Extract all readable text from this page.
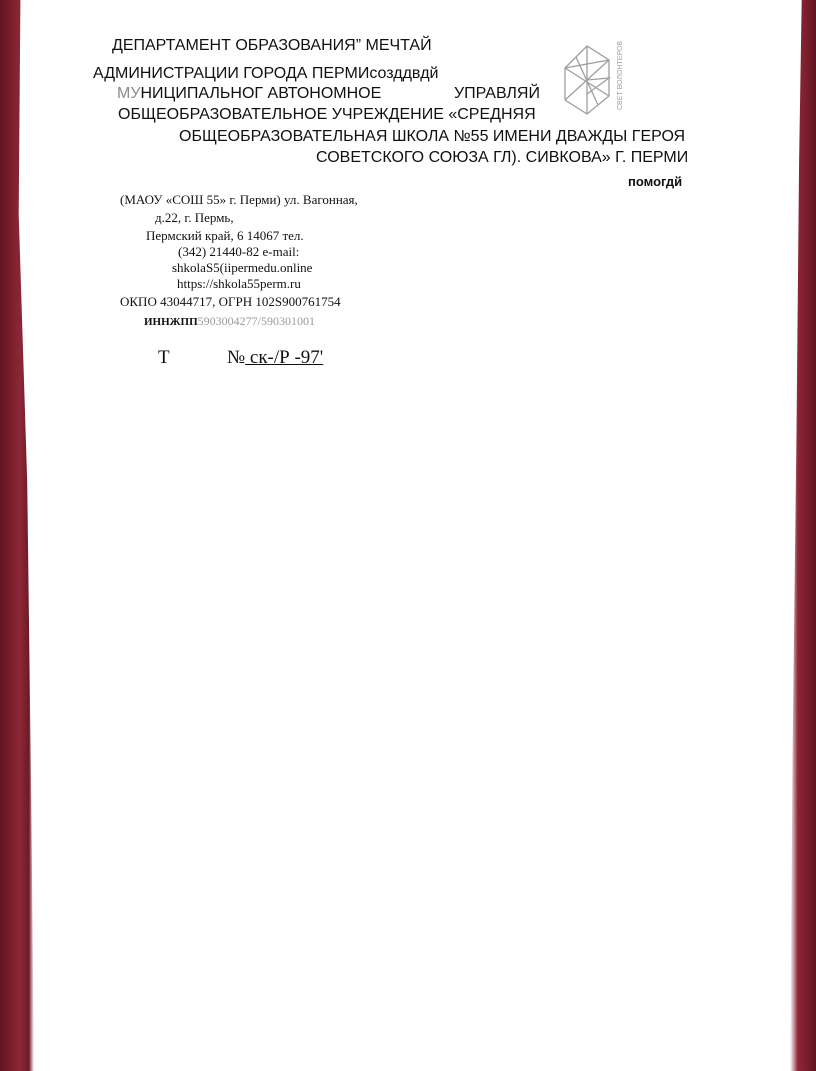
ДЕПАРТАМЕНТ ОБРАЗОВАНИЯ” МЕЧТАЙ
АДМИНИСТРАЦИИ ГОРОДА ПЕРМИсозддвдй
МУНИЦИПАЛЬНОГ АВТОНОМНОЕ	УПРАВЛЯЙ
ОБЩЕОБРАЗОВАТЕЛЬНОЕ УЧРЕЖДЕНИЕ «СРЕДНЯЯ
ОБЩЕОБРАЗОВАТЕЛЬНАЯ ШКОЛА №55 ИМЕНИ ДВАЖДЫ ГЕРОЯ
СОВЕТСКОГО СОЮЗА ГЛ). СИВКОВА» Г. ПЕРМИ
помогдй
СВЕТ ВОЛОНТЕРОВ
(МАОУ «СОШ 55» г. Перми) ул. Вагонная,
д.22, г. Пермь,
Пермский край, 6 14067 тел.
(342) 21440-82 e-mail:
shkolaS5(iipermedu.online
https://shkola55perm.ru
ОКПО 43044717, ОГРН 102S900761754
ИННЖПП5903004277/590301001
Т	№ ск-/Р -97'
